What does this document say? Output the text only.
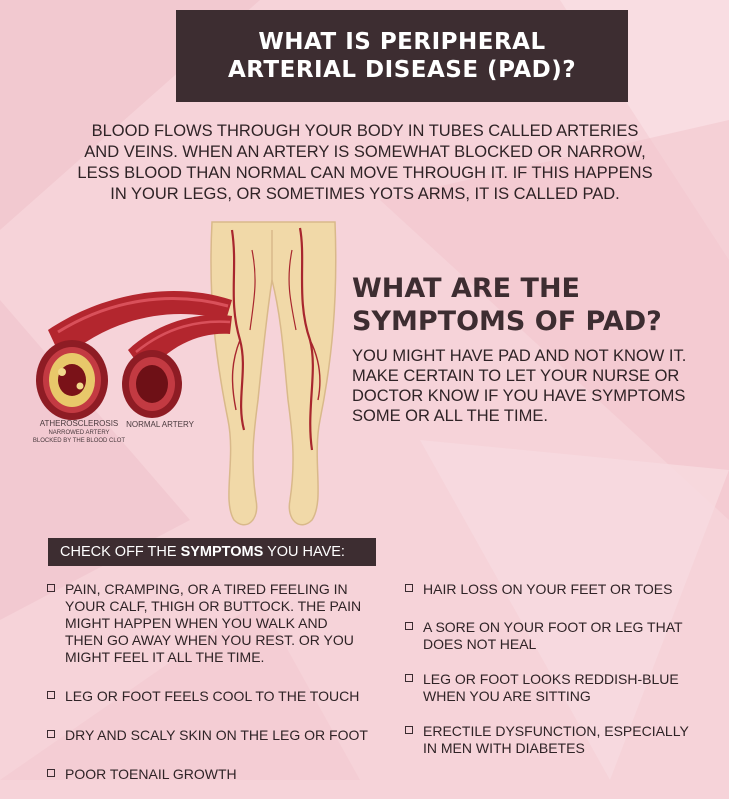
WHAT IS PERIPHERAL
ARTERIAL DISEASE (PAD)?
BLOOD FLOWS THROUGH YOUR BODY IN TUBES CALLED ARTERIES
AND VEINS. WHEN AN ARTERY IS SOMEWHAT BLOCKED OR NARROW,
LESS BLOOD THAN NORMAL CAN MOVE THROUGH IT. IF THIS HAPPENS
IN YOUR LEGS, OR SOMETIMES YOTS ARMS, IT IS CALLED PAD.
ATHEROSCLEROSIS
NARROWED ARTERY
BLOCKED BY THE BLOOD CLOT
NORMAL ARTERY
WHAT ARE THE
SYMPTOMS OF PAD?
YOU MIGHT HAVE PAD AND NOT KNOW IT.
MAKE CERTAIN TO LET YOUR NURSE OR
DOCTOR KNOW IF YOU HAVE SYMPTOMS
SOME OR ALL THE TIME.
CHECK OFF THE SYMPTOMS YOU HAVE:
PAIN, CRAMPING, OR A TIRED FEELING IN
YOUR CALF, THIGH OR BUTTOCK. THE PAIN
MIGHT HAPPEN WHEN YOU WALK AND
THEN GO AWAY WHEN YOU REST. OR YOU
MIGHT FEEL IT ALL THE TIME.
LEG OR FOOT FEELS COOL TO THE TOUCH
DRY AND SCALY SKIN ON THE LEG OR FOOT
POOR TOENAIL GROWTH
HAIR LOSS ON YOUR FEET OR TOES
A SORE ON YOUR FOOT OR LEG THAT
DOES NOT HEAL
LEG OR FOOT LOOKS REDDISH-BLUE
WHEN YOU ARE SITTING
ERECTILE DYSFUNCTION, ESPECIALLY
IN MEN WITH DIABETES
